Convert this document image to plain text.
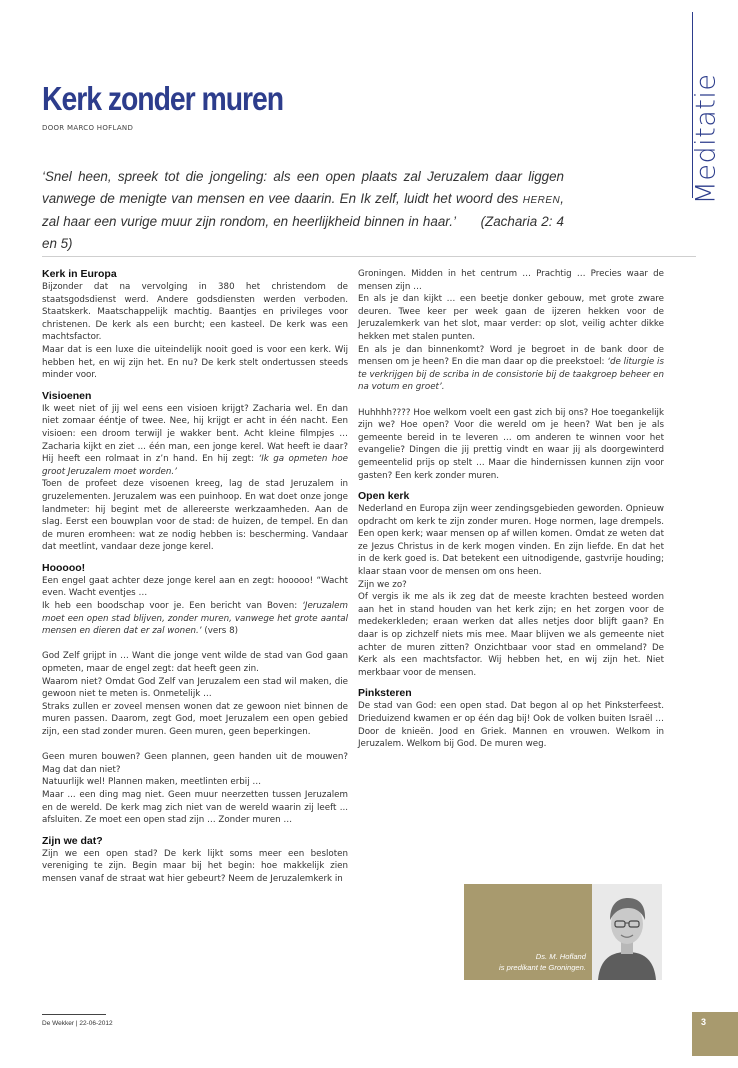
Meditatie
Kerk zonder muren
DOOR MARCO HOFLAND
‘Snel heen, spreek tot die jongeling: als een open plaats zal Jeruzalem daar liggen vanwege de menigte van mensen en vee daarin. En Ik zelf, luidt het woord des HEREN, zal haar een vurige muur zijn rondom, en heerlijkheid binnen in haar.’ (Zacharia 2: 4 en 5)
Kerk in Europa

Bijzonder dat na vervolging in 380 het christendom de staatsgodsdienst werd. Andere godsdiensten werden verboden. Staatskerk. Maatschappelijk machtig. Baantjes en privileges voor christenen. De kerk als een burcht; een kasteel. De kerk was een machtsfactor.

Maar dat is een luxe die uiteindelijk nooit goed is voor een kerk. Wij hebben het, en wij zijn het. En nu? De kerk stelt ondertussen steeds minder voor.

Visioenen

Ik weet niet of jij wel eens een visioen krijgt? Zacharia wel. En dan niet zomaar ééntje of twee. Nee, hij krijgt er acht in één nacht. Een visioen: een droom terwijl je wakker bent. Acht kleine filmpjes … Zacharia kijkt en ziet ... één man, een jonge kerel. Wat heeft ie daar? Hij heeft een rolmaat in z’n hand. En hij zegt: ‘Ik ga opmeten hoe groot Jeruzalem moet worden.’

Toen de profeet deze visoenen kreeg, lag de stad Jeruzalem in gruzelementen. Jeruzalem was een puinhoop. En wat doet onze jonge landmeter: hij begint met de allereerste werkzaamheden. Aan de slag. Eerst een bouwplan voor de stad: de huizen, de tempel. En dan de muren eromheen: wat ze nodig hebben is: bescherming. Vandaar dat meetlint, vandaar deze jonge kerel.

Hooooo!

Een engel gaat achter deze jonge kerel aan en zegt: hooooo! “Wacht even. Wacht eventjes …

Ik heb een boodschap voor je. Een bericht van Boven: ‘Jeruzalem moet een open stad blijven, zonder muren, vanwege het grote aantal mensen en dieren dat er zal wonen.’ (vers 8)

God Zelf grijpt in … Want die jonge vent wilde de stad van God gaan opmeten, maar de engel zegt: dat heeft geen zin.

Waarom niet? Omdat God Zelf van Jeruzalem een stad wil maken, die gewoon niet te meten is. Onmetelijk …

Straks zullen er zoveel mensen wonen dat ze gewoon niet binnen de muren passen. Daarom, zegt God, moet Jeruzalem een open gebied zijn, een stad zonder muren. Geen muren, geen beperkingen.

Geen muren bouwen? Geen plannen, geen handen uit de mouwen? Mag dat dan niet?

Natuurlijk wel! Plannen maken, meetlinten erbij …

Maar ... een ding mag niet. Geen muur neerzetten tussen Jeruzalem en de wereld. De kerk mag zich niet van de wereld waarin zij leeft ... afsluiten. Ze moet een open stad zijn … Zonder muren …

Zijn we dat?

Zijn we een open stad? De kerk lijkt soms meer een besloten vereniging te zijn. Begin maar bij het begin: hoe makkelijk zien mensen vanaf de straat wat hier gebeurt? Neem de Jeruzalemkerk in

Groningen. Midden in het centrum … Prachtig … Precies waar de mensen zijn …

En als je dan kijkt … een beetje donker gebouw, met grote zware deuren. Twee keer per week gaan de ijzeren hekken voor de Jeruzalemkerk van het slot, maar verder: op slot, veilig achter dikke hekken met stalen punten.

En als je dan binnenkomt? Word je begroet in de bank door de mensen om je heen? En die man daar op die preekstoel: ‘de liturgie is te verkrijgen bij de scriba in de consistorie bij de taakgroep beheer en na votum en groet’.

Huhhhh???? Hoe welkom voelt een gast zich bij ons? Hoe toegankelijk zijn we? Hoe open? Voor die wereld om je heen? Wat ben je als gemeente bereid in te leveren … om anderen te winnen voor het evangelie? Dingen die jij prettig vindt en waar jij als doorgewinterd gemeentelid prijs op stelt … Maar die hindernissen kunnen zijn voor gasten? Een kerk zonder muren.

Open kerk

Nederland en Europa zijn weer zendingsgebieden geworden. Opnieuw opdracht om kerk te zijn zonder muren. Hoge normen, lage drempels. Een open kerk; waar mensen op af willen komen. Omdat ze weten dat ze Jezus Christus in de kerk mogen vinden. En zijn liefde. En dat het in de kerk goed is. Dat betekent een uitnodigende, gastvrije houding; klaar staan voor de mensen om ons heen.

Zijn we zo?

Of vergis ik me als ik zeg dat de meeste krachten besteed worden aan het in stand houden van het kerk zijn; en het zorgen voor de medekerkleden; eraan werken dat alles netjes door blijft gaan? En daar is op zichzelf niets mis mee. Maar blijven we als gemeente niet achter de muren zitten? Onzichtbaar voor stad en ommeland? De Kerk als een machtsfactor. Wij hebben het, en wij zijn het. Niet merkbaar voor de mensen.

Pinksteren

De stad van God: een open stad. Dat begon al op het Pinksterfeest. Drieduizend kwamen er op één dag bij! Ook de volken buiten Israël … Door de knieën. Jood en Griek. Mannen en vrouwen. Welkom in Jeruzalem. Welkom bij God. De muren weg.

Ds. M. Hofland
is predikant te Groningen.
De Wekker | 22-06-2012	3
